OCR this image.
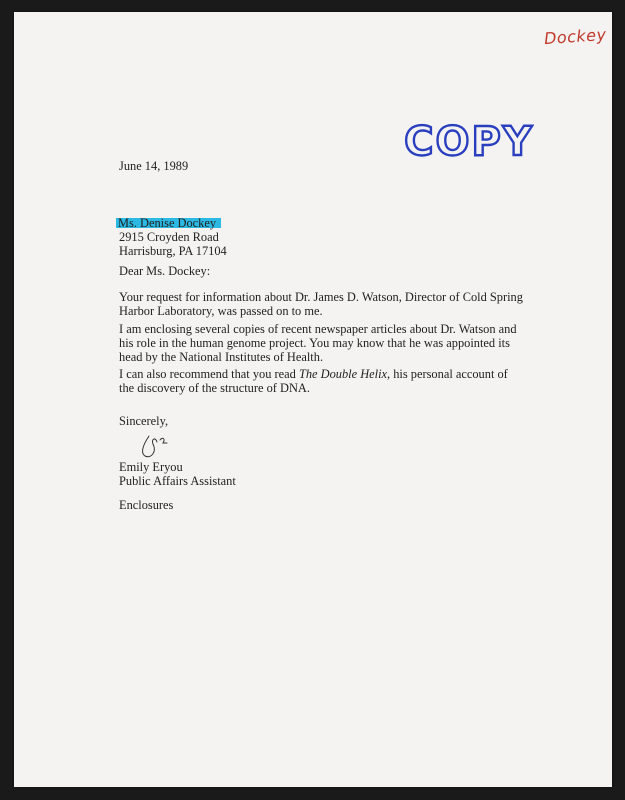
Dockey
COPY
June 14, 1989
Ms. Denise Dockey
2915 Croyden Road
Harrisburg, PA 17104
Dear Ms. Dockey:

Your request for information about Dr. James D. Watson, Director of Cold Spring Harbor Laboratory, was passed on to me.

I am enclosing several copies of recent newspaper articles about Dr. Watson and his role in the human genome project. You may know that he was appointed its head by the National Institutes of Health.

I can also recommend that you read The Double Helix, his personal account of the discovery of the structure of DNA.

Sincerely,
Emily Eryou
Public Affairs Assistant
Enclosures
